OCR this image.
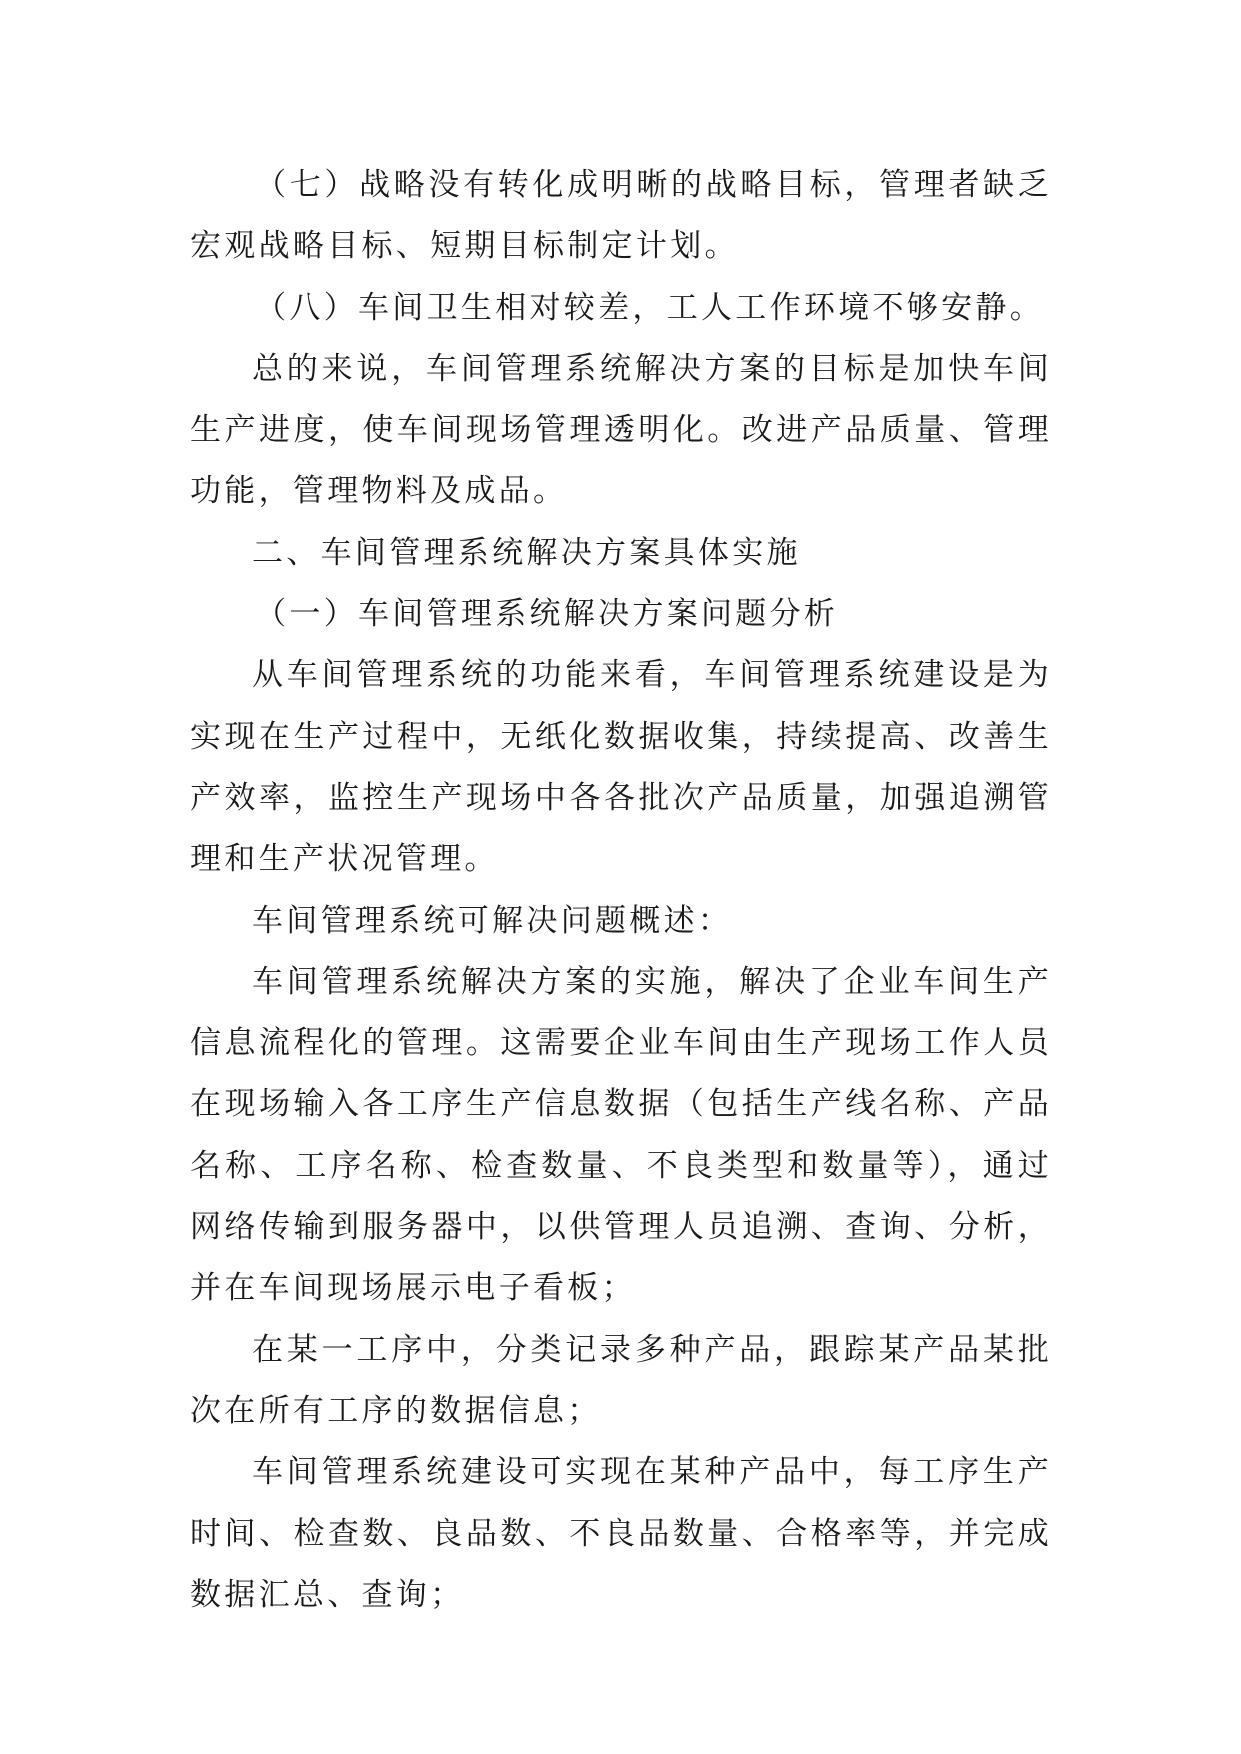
（七）战略没有转化成明晰的战略目标，管理者缺乏宏观战略目标、短期目标制定计划。

（八）车间卫生相对较差，工人工作环境不够安静。

总的来说，车间管理系统解决方案的目标是加快车间生产进度，使车间现场管理透明化。改进产品质量、管理功能，管理物料及成品。

二、车间管理系统解决方案具体实施

（一）车间管理系统解决方案问题分析

从车间管理系统的功能来看，车间管理系统建设是为实现在生产过程中，无纸化数据收集，持续提高、改善生产效率，监控生产现场中各各批次产品质量，加强追溯管理和生产状况管理。

车间管理系统可解决问题概述：

车间管理系统解决方案的实施，解决了企业车间生产信息流程化的管理。这需要企业车间由生产现场工作人员在现场输入各工序生产信息数据（包括生产线名称、产品名称、工序名称、检查数量、不良类型和数量等），通过网络传输到服务器中，以供管理人员追溯、查询、分析，并在车间现场展示电子看板；

在某一工序中，分类记录多种产品，跟踪某产品某批次在所有工序的数据信息；

车间管理系统建设可实现在某种产品中，每工序生产时间、检查数、良品数、不良品数量、合格率等，并完成数据汇总、查询；
